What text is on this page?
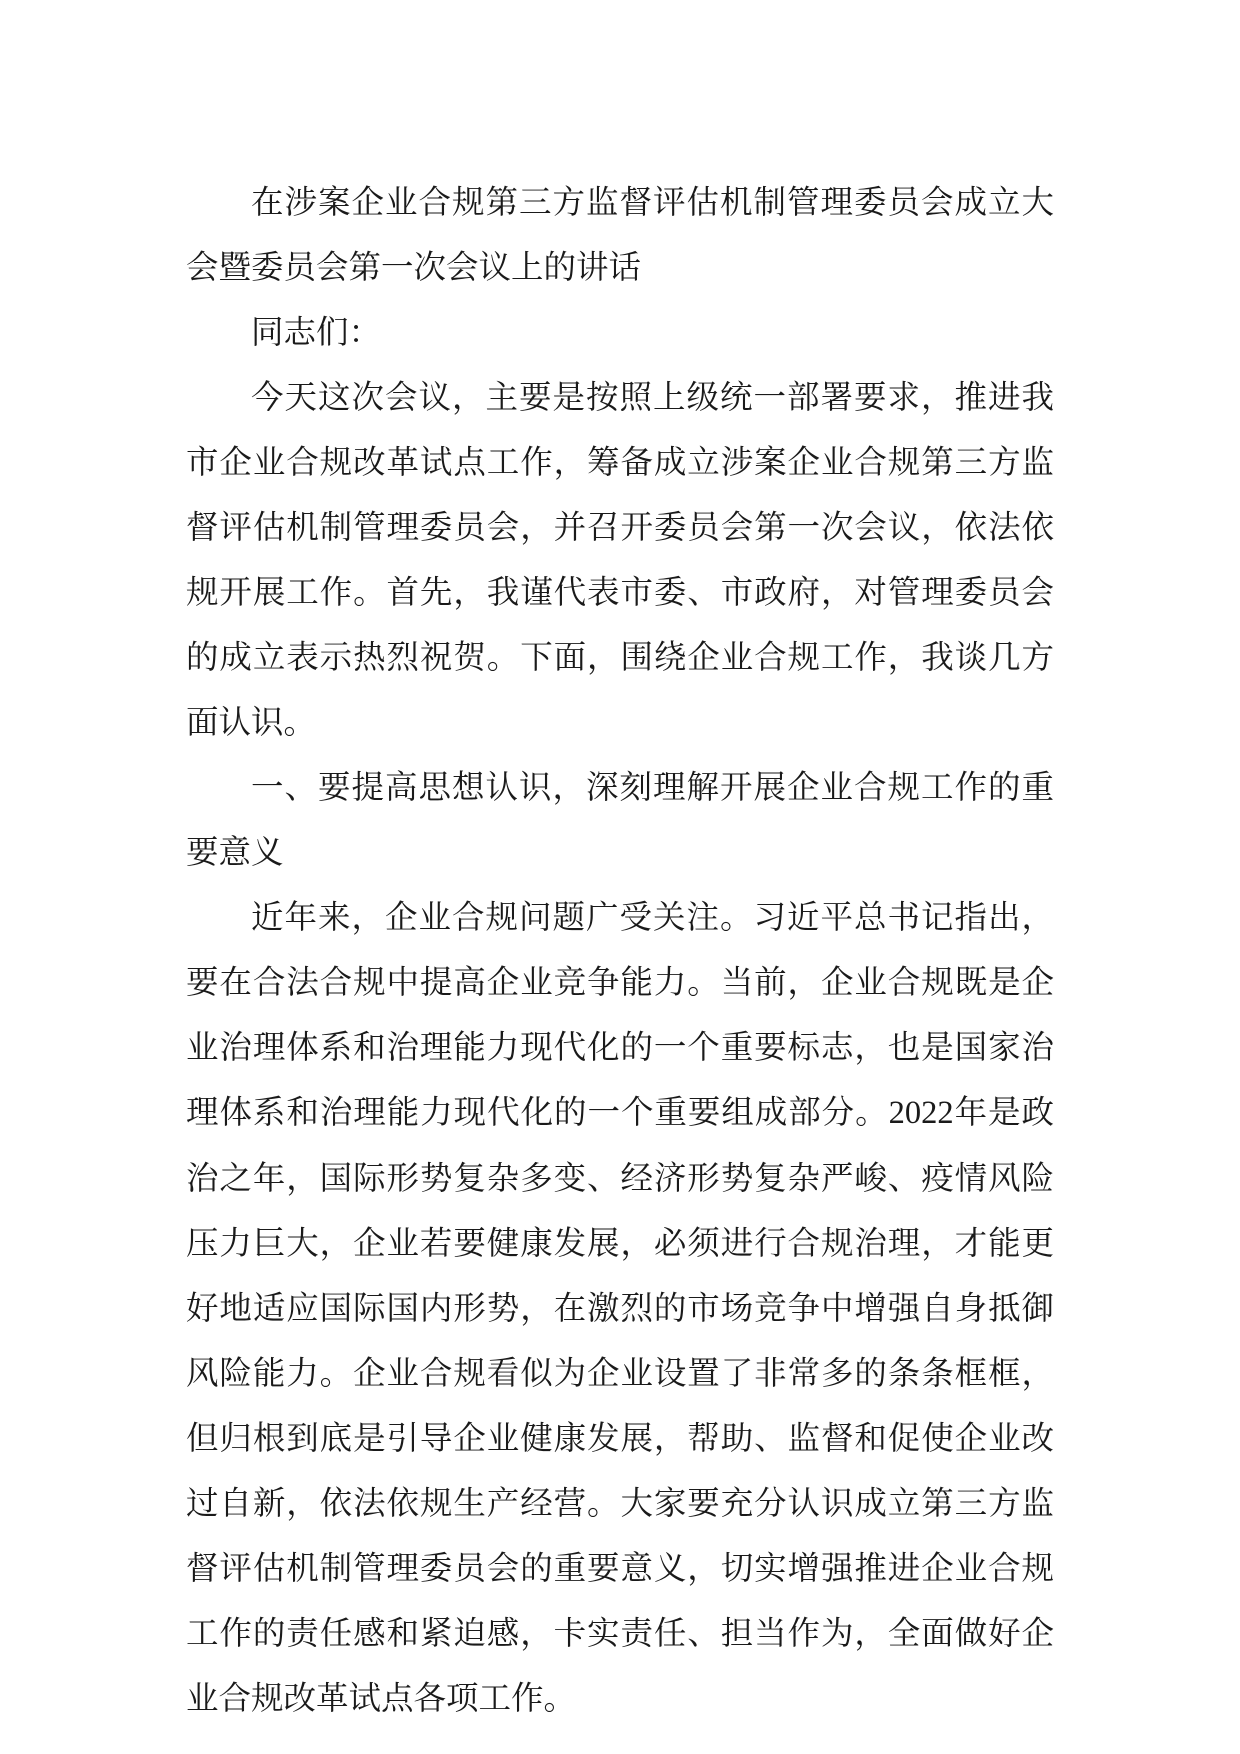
在涉案企业合规第三方监督评估机制管理委员会成立大会暨委员会第一次会议上的讲话

同志们：

今天这次会议，主要是按照上级统一部署要求，推进我市企业合规改革试点工作，筹备成立涉案企业合规第三方监督评估机制管理委员会，并召开委员会第一次会议，依法依规开展工作。首先，我谨代表市委、市政府，对管理委员会的成立表示热烈祝贺。下面，围绕企业合规工作，我谈几方面认识。

一、要提高思想认识，深刻理解开展企业合规工作的重要意义

近年来，企业合规问题广受关注。习近平总书记指出，要在合法合规中提高企业竞争能力。当前，企业合规既是企业治理体系和治理能力现代化的一个重要标志，也是国家治理体系和治理能力现代化的一个重要组成部分。2022年是政治之年，国际形势复杂多变、经济形势复杂严峻、疫情风险压力巨大，企业若要健康发展，必须进行合规治理，才能更好地适应国际国内形势，在激烈的市场竞争中增强自身抵御风险能力。企业合规看似为企业设置了非常多的条条框框，但归根到底是引导企业健康发展，帮助、监督和促使企业改过自新，依法依规生产经营。大家要充分认识成立第三方监督评估机制管理委员会的重要意义，切实增强推进企业合规工作的责任感和紧迫感，卡实责任、担当作为，全面做好企业合规改革试点各项工作。
